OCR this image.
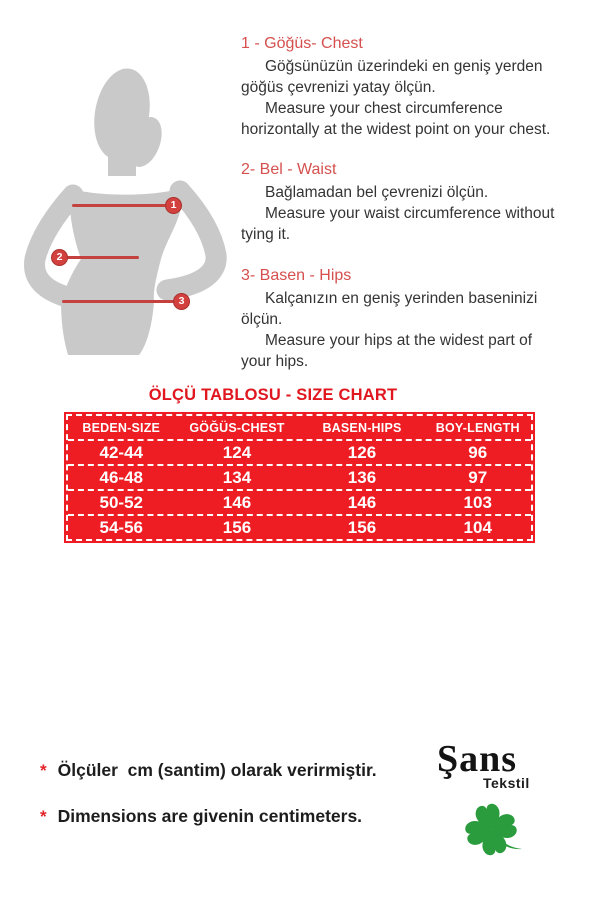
1
2
3
1 - Göğüs- Chest
Göğsünüzün üzerindeki en geniş yerden
göğüs çevrenizi yatay ölçün.
Measure your chest circumference
horizontally at the widest point on your chest.
2- Bel - Waist
Bağlamadan bel çevrenizi ölçün.
Measure your waist circumference without
tying it.
3- Basen - Hips
Kalçanızın en geniş yerinden baseninizi
ölçün.
Measure your hips at the widest part of
your hips.
ÖLÇÜ TABLOSU - SIZE CHART
BEDEN-SIZE	GÖĞÜS-CHEST	BASEN-HIPS	BOY-LENGTH
42-44	124	126	96
46-48	134	136	97
50-52	146	146	103
54-56	156	156	104
* Ölçüler  cm (santim) olarak verirmiştir.
* Dimensions are givenin centimeters.
Şans
Tekstil
